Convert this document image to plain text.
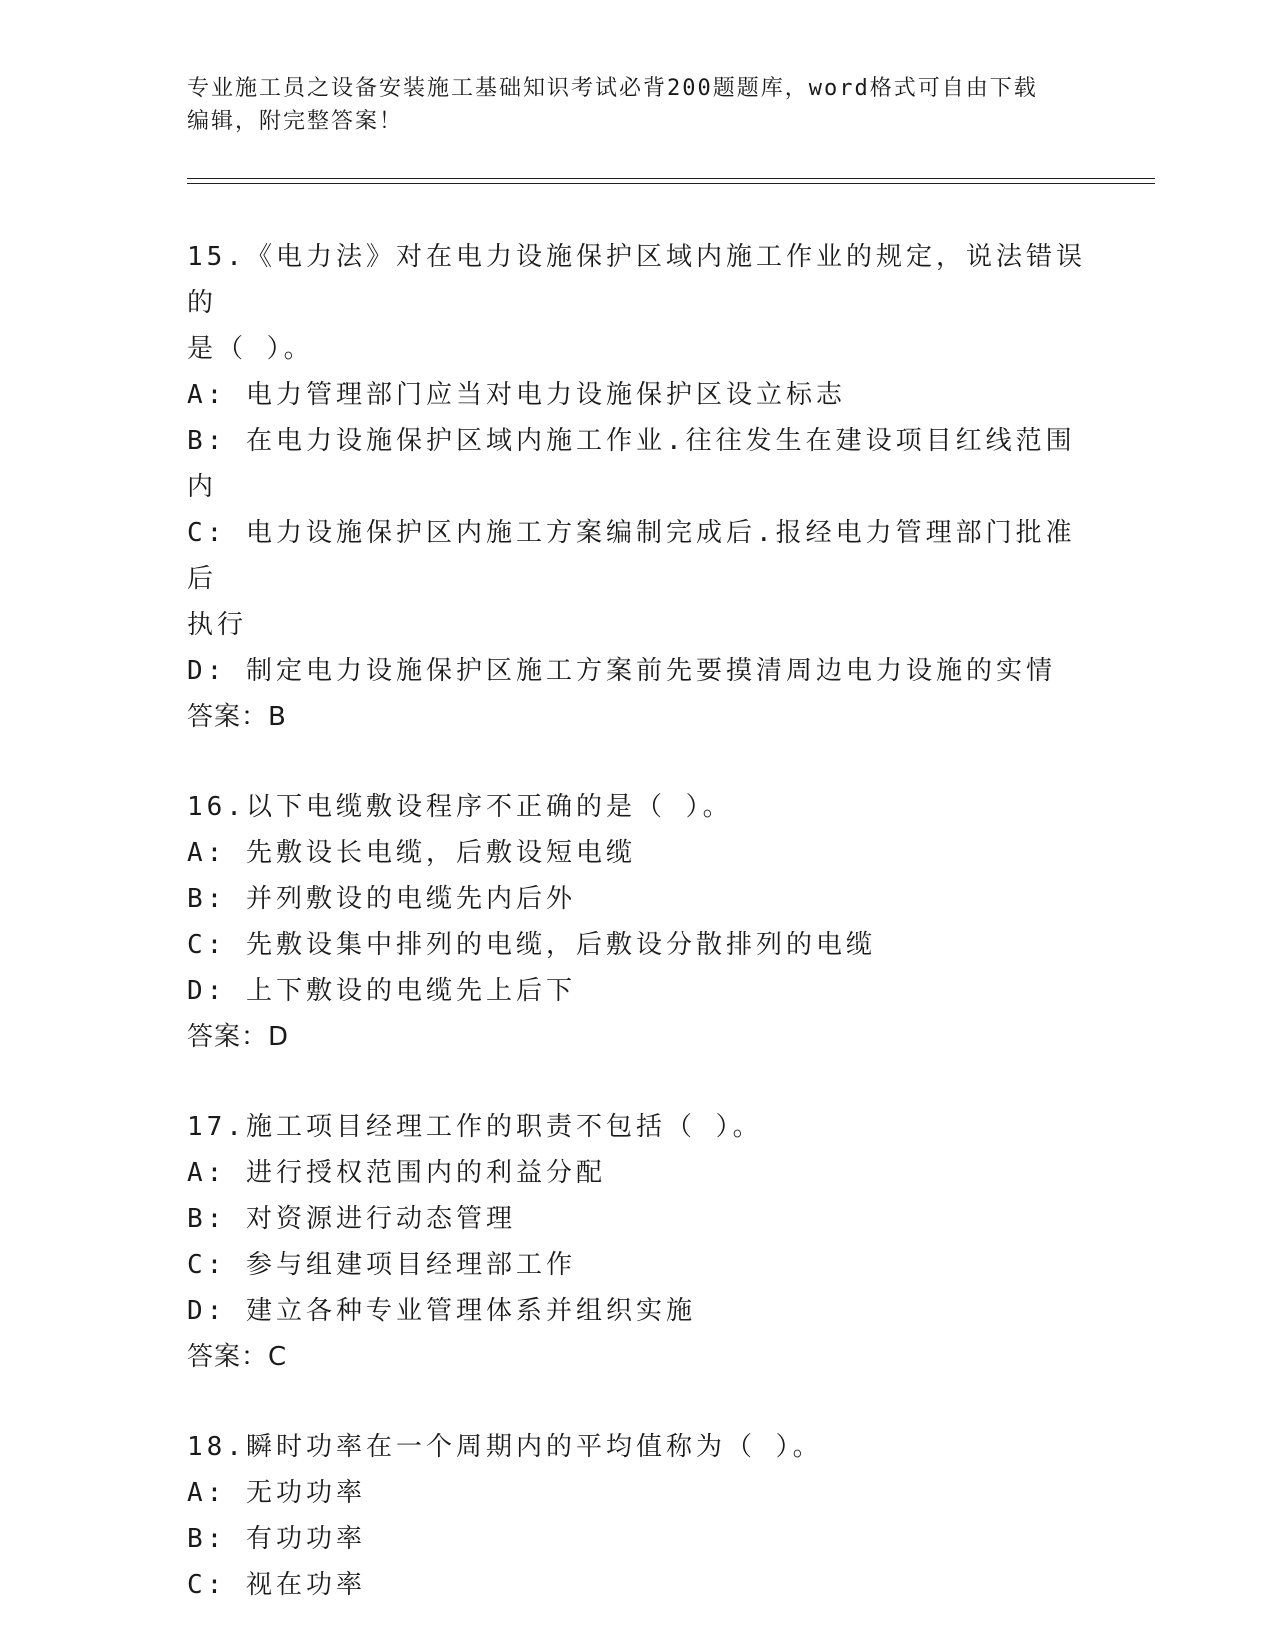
专业施工员之设备安装施工基础知识考试必背200题题库，word格式可自由下载
编辑，附完整答案！
15.《电力法》对在电力设施保护区域内施工作业的规定，说法错误的
是（ ）。
A: 电力管理部门应当对电力设施保护区设立标志
B: 在电力设施保护区域内施工作业.往往发生在建设项目红线范围内
C: 电力设施保护区内施工方案编制完成后.报经电力管理部门批准后
执行
D: 制定电力设施保护区施工方案前先要摸清周边电力设施的实情
答案：B
16.以下电缆敷设程序不正确的是（ ）。
A: 先敷设长电缆，后敷设短电缆
B: 并列敷设的电缆先内后外
C: 先敷设集中排列的电缆，后敷设分散排列的电缆
D: 上下敷设的电缆先上后下
答案：D
17.施工项目经理工作的职责不包括（ ）。
A: 进行授权范围内的利益分配
B: 对资源进行动态管理
C: 参与组建项目经理部工作
D: 建立各种专业管理体系并组织实施
答案：C
18.瞬时功率在一个周期内的平均值称为（ ）。
A: 无功功率
B: 有功功率
C: 视在功率
